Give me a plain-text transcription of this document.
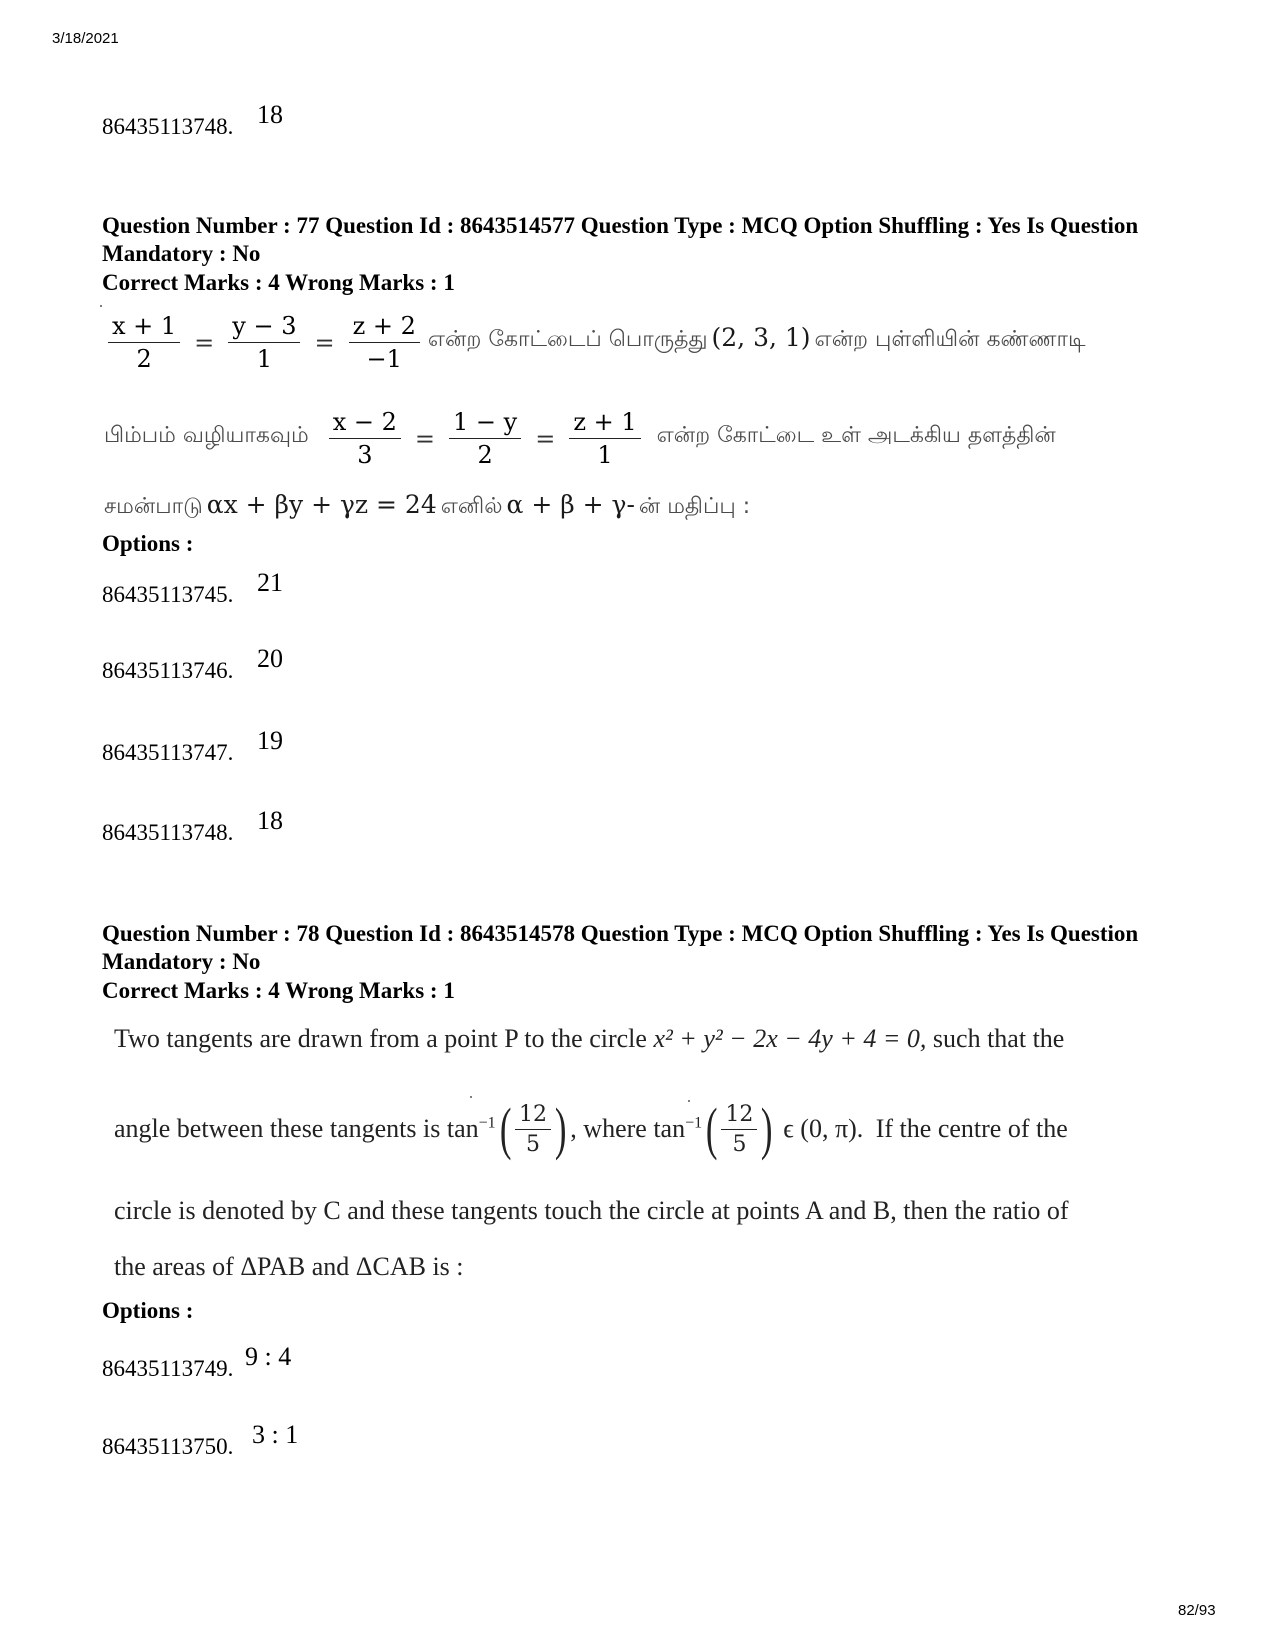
3/18/2021
86435113748. 18
Question Number : 77 Question Id : 8643514577 Question Type : MCQ Option Shuffling : Yes Is Question Mandatory : No
Correct Marks : 4 Wrong Marks : 1
$\frac{x + 1}{2} = \frac{y - 3}{1} = \frac{z + 2}{-1}$ என்ற கோட்டைப் பொருத்து (2, 3, 1) என்ற புள்ளியின் கண்ணாடி
பிம்பம் வழியாகவும் $\frac{x - 2}{3} = \frac{1 - y}{2} = \frac{z + 1}{1}$ என்ற கோட்டை உள் அடக்கிய தளத்தின்
சமன்பாடு αx + βy + γz = 24 எனில் α + β + γ- ன் மதிப்பு :
Options :
86435113745. 21
86435113746. 20
86435113747. 19
86435113748. 18
Question Number : 78 Question Id : 8643514578 Question Type : MCQ Option Shuffling : Yes Is Question Mandatory : No
Correct Marks : 4 Wrong Marks : 1
Two tangents are drawn from a point P to the circle x² + y² − 2x − 4y + 4 = 0, such that the
angle between these tangents is $\tan^{-1}( \frac{12}{5}$ ) , where $\tan^{-1}( \frac{12}{5}$ ) ϵ (0, π). If the centre of the
circle is denoted by C and these tangents touch the circle at points A and B, then the ratio of
the areas of ΔPAB and ΔCAB is :
Options :
86435113749. 9 : 4
86435113750. 3 : 1
82/93
